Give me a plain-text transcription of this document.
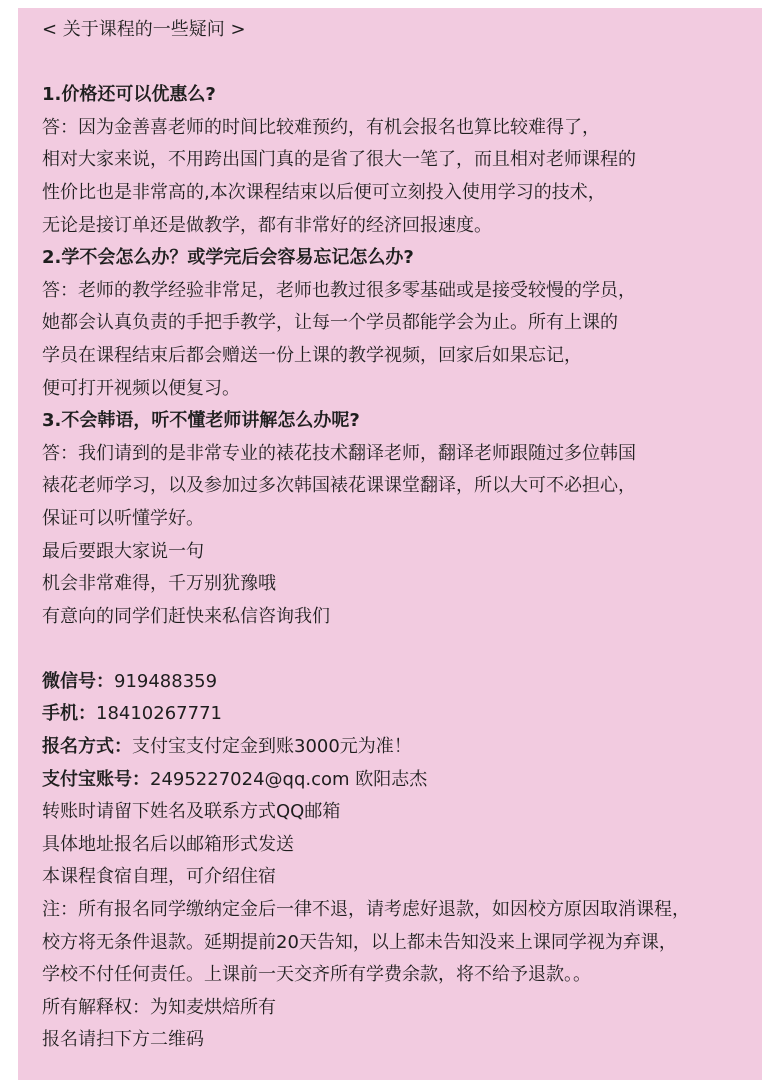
< 关于课程的一些疑问 >
1.价格还可以优惠么?
答：因为金善喜老师的时间比较难预约，有机会报名也算比较难得了，
相对大家来说，不用跨出国门真的是省了很大一笔了，而且相对老师课程的
性价比也是非常高的,本次课程结束以后便可立刻投入使用学习的技术，
无论是接订单还是做教学，都有非常好的经济回报速度。
2.学不会怎么办？或学完后会容易忘记怎么办?
答：老师的教学经验非常足，老师也教过很多零基础或是接受较慢的学员，
她都会认真负责的手把手教学，让每一个学员都能学会为止。所有上课的
学员在课程结束后都会赠送一份上课的教学视频，回家后如果忘记，
便可打开视频以便复习。
3.不会韩语，听不懂老师讲解怎么办呢?
答：我们请到的是非常专业的裱花技术翻译老师，翻译老师跟随过多位韩国
裱花老师学习，以及参加过多次韩国裱花课课堂翻译，所以大可不必担心，
保证可以听懂学好。
最后要跟大家说一句
机会非常难得，千万别犹豫哦
有意向的同学们赶快来私信咨询我们
微信号：919488359
手机：18410267771
报名方式：支付宝支付定金到账3000元为准！
支付宝账号：2495227024@qq.com 欧阳志杰
转账时请留下姓名及联系方式QQ邮箱
具体地址报名后以邮箱形式发送
本课程食宿自理，可介绍住宿
注：所有报名同学缴纳定金后一律不退，请考虑好退款，如因校方原因取消课程，
校方将无条件退款。延期提前20天告知，以上都未告知没来上课同学视为弃课，
学校不付任何责任。上课前一天交齐所有学费余款，将不给予退款。。
所有解释权：为知麦烘焙所有
报名请扫下方二维码
